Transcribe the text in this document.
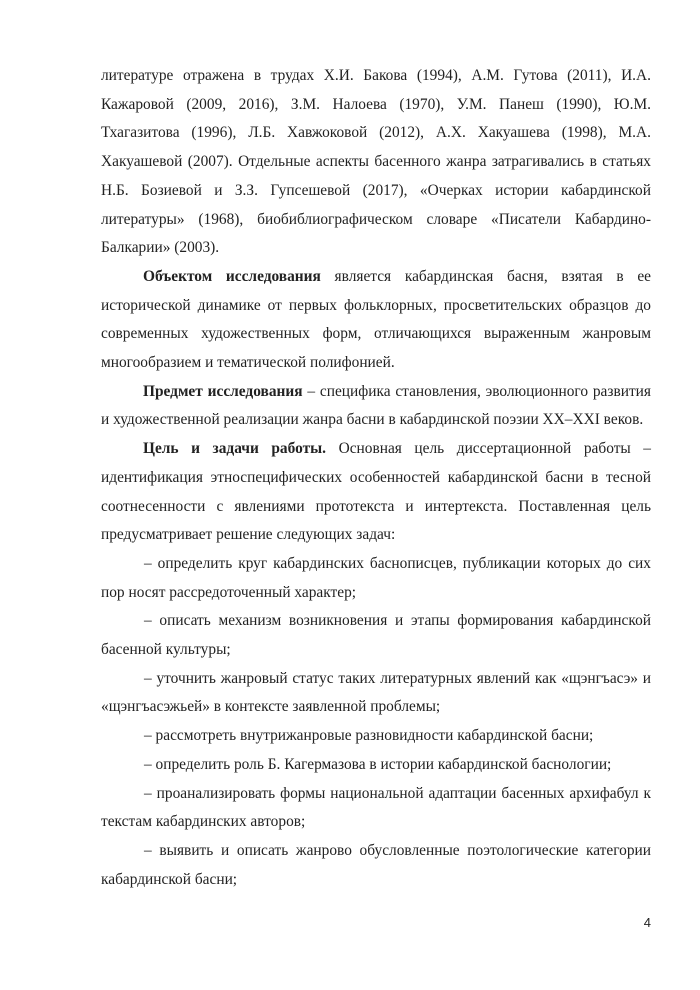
литературе отражена в трудах Х.И. Бакова (1994), А.М. Гутова (2011), И.А. Кажаровой (2009, 2016), З.М. Налоева (1970), У.М. Панеш (1990), Ю.М. Тхагазитова (1996), Л.Б. Хавжоковой (2012), А.Х. Хакуашева (1998), М.А. Хакуашевой (2007). Отдельные аспекты басенного жанра затрагивались в статьях Н.Б. Бозиевой и З.З. Гупсешевой (2017), «Очерках истории кабардинской литературы» (1968), биобиблиографическом словаре «Писатели Кабардино-Балкарии» (2003).

Объектом исследования является кабардинская басня, взятая в ее исторической динамике от первых фольклорных, просветительских образцов до современных художественных форм, отличающихся выраженным жанровым многообразием и тематической полифонией.

Предмет исследования – специфика становления, эволюционного развития и художественной реализации жанра басни в кабардинской поэзии ХХ–ХХI веков.

Цель и задачи работы. Основная цель диссертационной работы – идентификация этноспецифических особенностей кабардинской басни в тесной соотнесенности с явлениями прототекста и интертекста. Поставленная цель предусматривает решение следующих задач:

– определить круг кабардинских баснописцев, публикации которых до сих пор носят рассредоточенный характер;

– описать механизм возникновения и этапы формирования кабардинской басенной культуры;

– уточнить жанровый статус таких литературных явлений как «щэнгъасэ» и «щэнгъасэжьей» в контексте заявленной проблемы;

– рассмотреть внутрижанровые разновидности кабардинской басни;

– определить роль Б. Кагермазова в истории кабардинской баснологии;

– проанализировать формы национальной адаптации басенных архифабул к текстам кабардинских авторов;

– выявить и описать жанрово обусловленные поэтологические категории кабардинской басни;

4
